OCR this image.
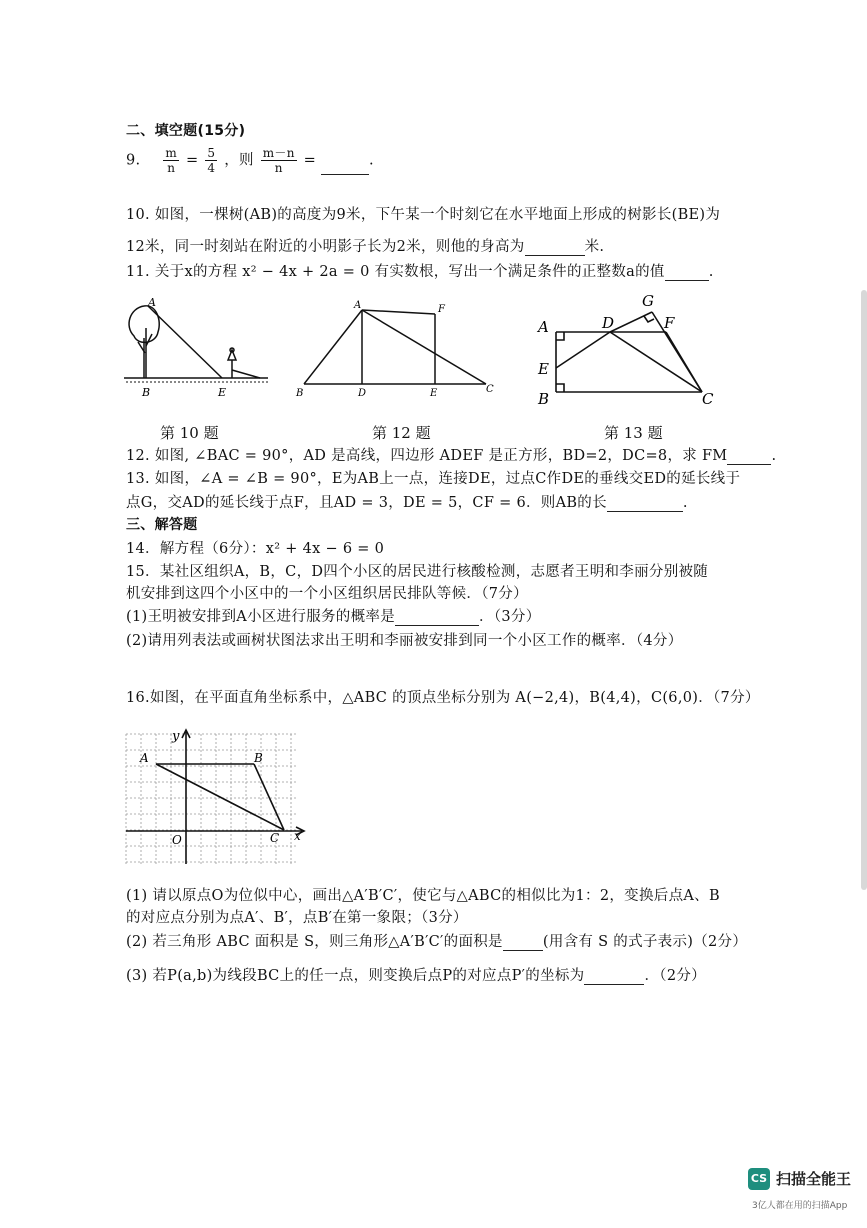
二、填空题(15分)
9. $\frac{m}{n} = \frac{5}{4}$ ，则 $\frac{m-n}{n}$ =	.
10. 如图，一棵树(AB)的高度为9米，下午某一个时刻它在水平地面上形成的树影长(BE)为
12米，同一时刻站在附近的小明影子长为2米，则他的身高为	米.
11. 关于x的方程 x² − 4x + 2a = 0 有实数根，写出一个满足条件的正整数a的值	.
A
B	E
A	F
B	D	E	C
G
A	D	F
E
B	C
第 10 题	第 12 题	第 13 题
12. 如图, ∠BAC = 90°，AD 是高线，四边形 ADEF 是正方形，BD=2，DC=8，求 FM	.
13. 如图，∠A = ∠B = 90°，E为AB上一点，连接DE，过点C作DE的垂线交ED的延长线于
点G，交AD的延长线于点F，且AD = 3，DE = 5，CF = 6．则AB的长	.
三、解答题
14．解方程（6分）：x² + 4x − 6 = 0
15．某社区组织A，B，C，D四个小区的居民进行核酸检测，志愿者王明和李丽分别被随
机安排到这四个小区中的一个小区组织居民排队等候．（7分）
(1)王明被安排到A小区进行服务的概率是	．（3分）
(2)请用列表法或画树状图法求出王明和李丽被安排到同一个小区工作的概率．（4分）
16.如图，在平面直角坐标系中，△ABC 的顶点坐标分别为 A(−2,4)，B(4,4)，C(6,0)．（7分）
y
x
O
A	B
C
(1) 请以原点O为位似中心，画出△A′B′C′，使它与△ABC的相似比为1：2，变换后点A、B
的对应点分别为点A′、B′，点B′在第一象限；（3分）
(2) 若三角形 ABC 面积是 S，则三角形△A′B′C′的面积是	(用含有 S 的式子表示)（2分）
(3) 若P(a,b)为线段BC上的任一点，则变换后点P的对应点P′的坐标为	．（2分）
CS 扫描全能王
3亿人都在用的扫描App
